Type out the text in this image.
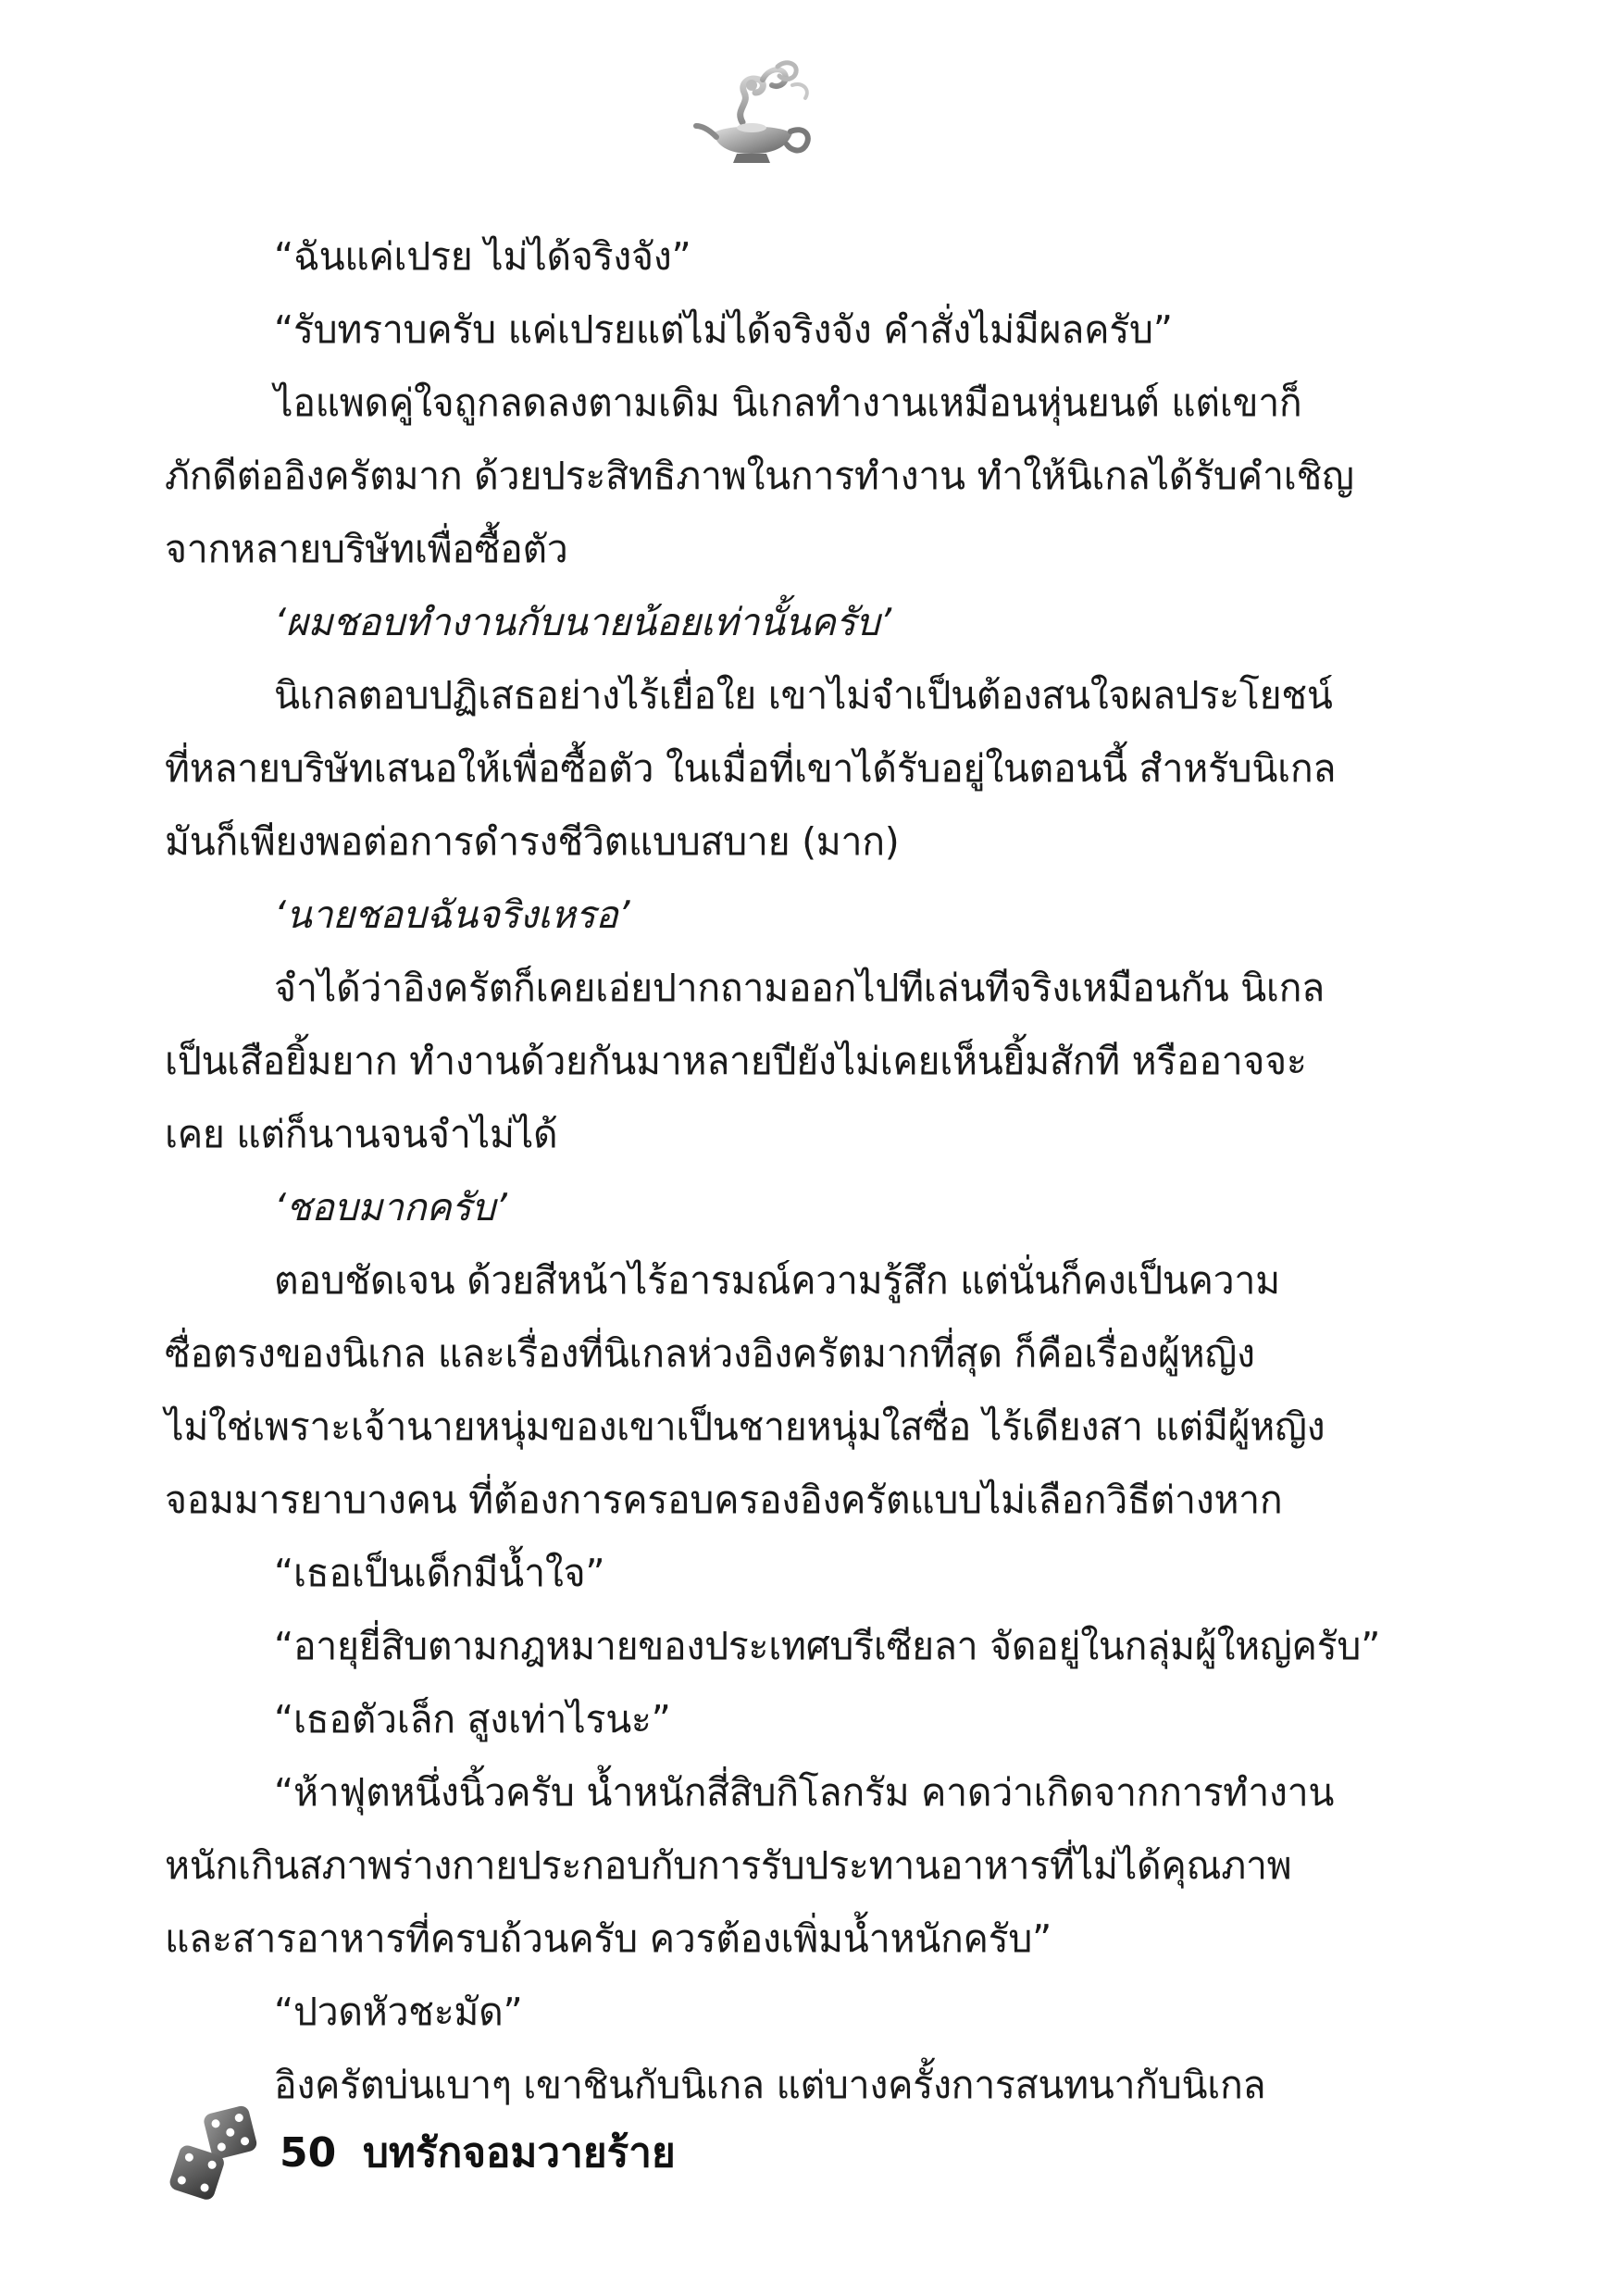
“ฉันแค่เปรย ไม่ได้จริงจัง”

“รับทราบครับ แค่เปรยแต่ไม่ได้จริงจัง คำสั่งไม่มีผลครับ”

ไอแพดคู่ใจถูกลดลงตามเดิม นิเกลทำงานเหมือนหุ่นยนต์ แต่เขาก็

ภักดีต่ออิงครัตมาก ด้วยประสิทธิภาพในการทำงาน ทำให้นิเกลได้รับคำเชิญ

จากหลายบริษัทเพื่อซื้อตัว

‘ผมชอบทำงานกับนายน้อยเท่านั้นครับ’

นิเกลตอบปฏิเสธอย่างไร้เยื่อใย เขาไม่จำเป็นต้องสนใจผลประโยชน์

ที่หลายบริษัทเสนอให้เพื่อซื้อตัว ในเมื่อที่เขาได้รับอยู่ในตอนนี้ สำหรับนิเกล

มันก็เพียงพอต่อการดำรงชีวิตแบบสบาย (มาก)

‘นายชอบฉันจริงเหรอ’

จำได้ว่าอิงครัตก็เคยเอ่ยปากถามออกไปทีเล่นทีจริงเหมือนกัน นิเกล

เป็นเสือยิ้มยาก ทำงานด้วยกันมาหลายปียังไม่เคยเห็นยิ้มสักที หรืออาจจะ

เคย แต่ก็นานจนจำไม่ได้

‘ชอบมากครับ’

ตอบชัดเจน ด้วยสีหน้าไร้อารมณ์ความรู้สึก แต่นั่นก็คงเป็นความ

ซื่อตรงของนิเกล และเรื่องที่นิเกลห่วงอิงครัตมากที่สุด ก็คือเรื่องผู้หญิง

ไม่ใช่เพราะเจ้านายหนุ่มของเขาเป็นชายหนุ่มใสซื่อ ไร้เดียงสา แต่มีผู้หญิง

จอมมารยาบางคน ที่ต้องการครอบครองอิงครัตแบบไม่เลือกวิธีต่างหาก

“เธอเป็นเด็กมีน้ำใจ”

“อายุยี่สิบตามกฎหมายของประเทศบรีเซียลา จัดอยู่ในกลุ่มผู้ใหญ่ครับ”

“เธอตัวเล็ก สูงเท่าไรนะ”

“ห้าฟุตหนึ่งนิ้วครับ น้ำหนักสี่สิบกิโลกรัม คาดว่าเกิดจากการทำงาน

หนักเกินสภาพร่างกายประกอบกับการรับประทานอาหารที่ไม่ได้คุณภาพ

และสารอาหารที่ครบถ้วนครับ ควรต้องเพิ่มน้ำหนักครับ”

“ปวดหัวชะมัด”

อิงครัตบ่นเบาๆ เขาชินกับนิเกล แต่บางครั้งการสนทนากับนิเกล

50 บทรักจอมวายร้าย
